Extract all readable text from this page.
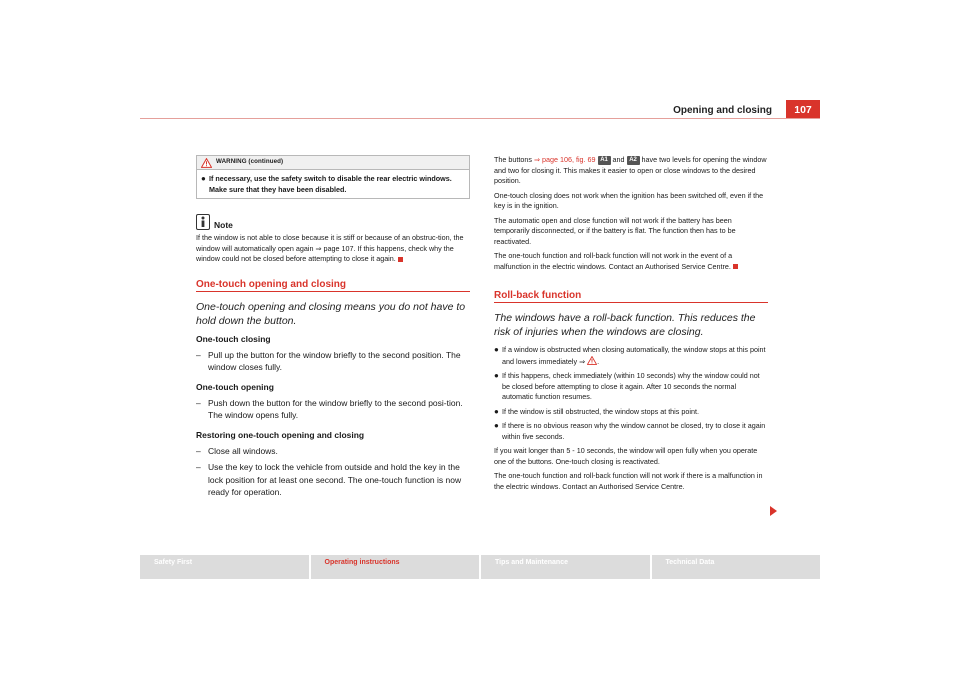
Opening and closing	107
WARNING (continued)
● If necessary, use the safety switch to disable the rear electric windows. Make sure that they have been disabled.
Note
If the window is not able to close because it is stiff or because of an obstruc-tion, the window will automatically open again ⇒ page 107. If this happens, check why the window could not be closed before attempting to close it again.
One-touch opening and closing
One-touch opening and closing means you do not have to hold down the button.
One-touch closing
– Pull up the button for the window briefly to the second position. The window closes fully.
One-touch opening
– Push down the button for the window briefly to the second posi-tion. The window opens fully.
Restoring one-touch opening and closing
– Close all windows.
– Use the key to lock the vehicle from outside and hold the key in the lock position for at least one second. The one-touch function is now ready for operation.
The buttons ⇒ page 106, fig. 69 A1 and A2 have two levels for opening the window and two for closing it. This makes it easier to open or close windows to the desired position.
One-touch closing does not work when the ignition has been switched off, even if the key is in the ignition.
The automatic open and close function will not work if the battery has been temporarily disconnected, or if the battery is flat. The function then has to be reactivated.
The one-touch function and roll-back function will not work in the event of a malfunction in the electric windows. Contact an Authorised Service Centre.
Roll-back function
The windows have a roll-back function. This reduces the risk of injuries when the windows are closing.
● If a window is obstructed when closing automatically, the window stops at this point and lowers immediately ⇒ .
● If this happens, check immediately (within 10 seconds) why the window could not be closed before attempting to close it again. After 10 seconds the normal automatic function resumes.
● If the window is still obstructed, the window stops at this point.
● If there is no obvious reason why the window cannot be closed, try to close it again within five seconds.
If you wait longer than 5 - 10 seconds, the window will open fully when you operate one of the buttons. One-touch closing is reactivated.
The one-touch function and roll-back function will not work if there is a malfunction in the electric windows. Contact an Authorised Service Centre.
Safety First	Operating instructions	Tips and Maintenance	Technical Data
